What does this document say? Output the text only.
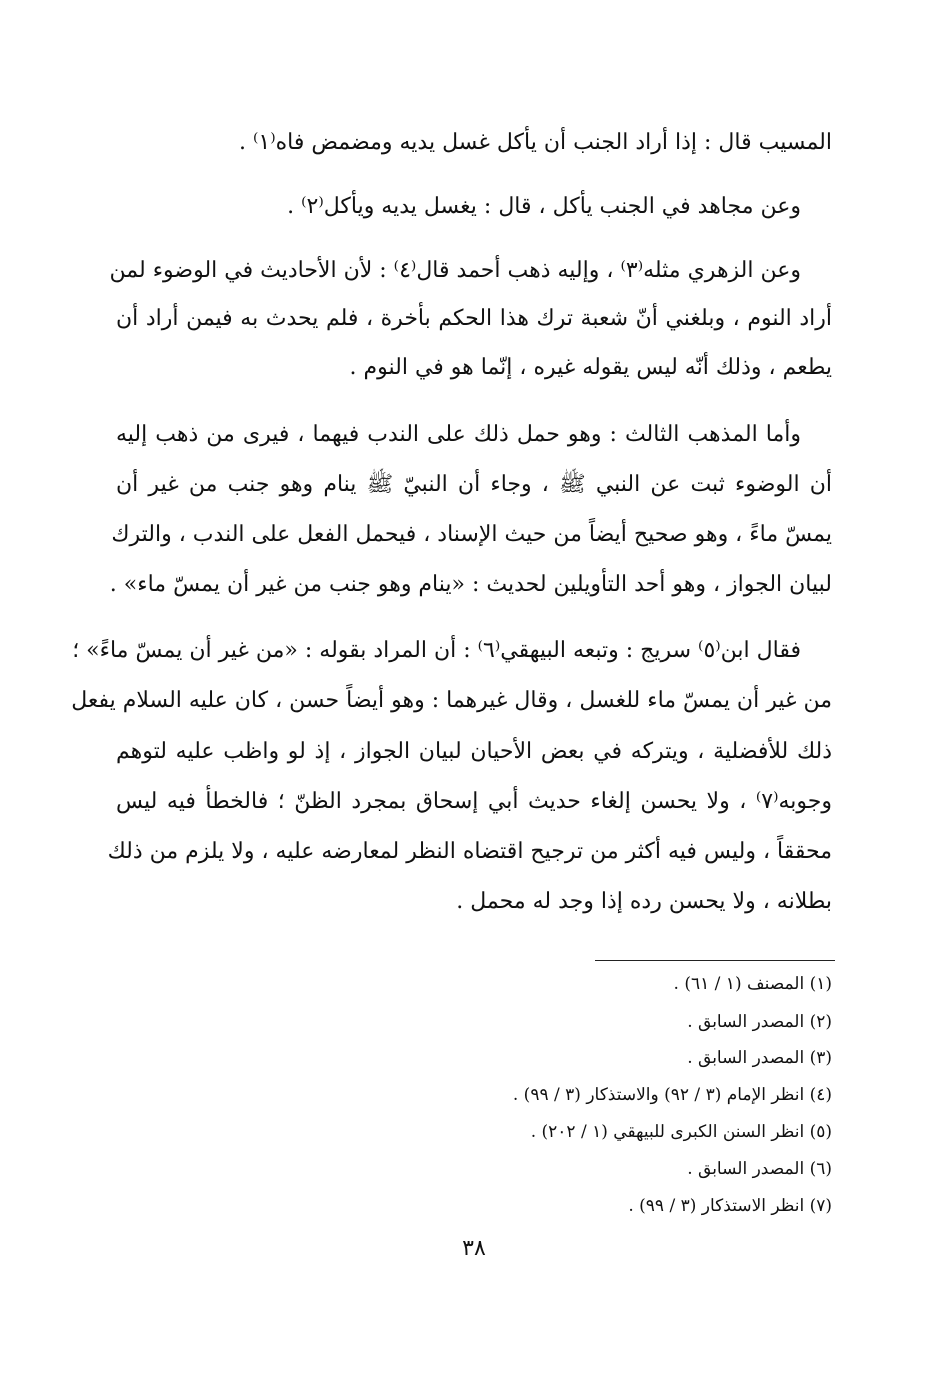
المسيب قال : إذا أراد الجنب أن يأكل غسل يديه ومضمض فاه⁽١⁾ .
وعن مجاهد في الجنب يأكل ، قال : يغسل يديه ويأكل⁽٢⁾ .
وعن الزهري مثله⁽٣⁾ ، وإليه ذهب أحمد قال⁽٤⁾ : لأن الأحاديث في الوضوء لمن
أراد النوم ، وبلغني أنّ شعبة ترك هذا الحكم بأخرة ، فلم يحدث به فيمن أراد أن
يطعم ، وذلك أنّه ليس يقوله غيره ، إنّما هو في النوم .
وأما المذهب الثالث : وهو حمل ذلك على الندب فيهما ، فيرى من ذهب إليه
أن الوضوء ثبت عن النبي ﷺ ، وجاء أن النبيّ ﷺ ينام وهو جنب من غير أن
يمسّ ماءً ، وهو صحيح أيضاً من حيث الإسناد ، فيحمل الفعل على الندب ، والترك
لبيان الجواز ، وهو أحد التأويلين لحديث : «ينام وهو جنب من غير أن يمسّ ماء» .
فقال ابن⁽٥⁾ سريج : وتبعه البيهقي⁽٦⁾ : أن المراد بقوله : «من غير أن يمسّ ماءً» ؛
من غير أن يمسّ ماء للغسل ، وقال غيرهما : وهو أيضاً حسن ، كان عليه السلام يفعل
ذلك للأفضلية ، ويتركه في بعض الأحيان لبيان الجواز ، إذ لو واظب عليه لتوهم
وجوبه⁽٧⁾ ، ولا يحسن إلغاء حديث أبي إسحاق بمجرد الظنّ ؛ فالخطأ فيه ليس
محققاً ، وليس فيه أكثر من ترجيح اقتضاه النظر لمعارضه عليه ، ولا يلزم من ذلك
بطلانه ، ولا يحسن رده إذا وجد له محمل .
(١) المصنف (١ / ٦١) .
(٢) المصدر السابق .
(٣) المصدر السابق .
(٤) انظر الإمام (٣ / ٩٢) والاستذكار (٣ / ٩٩) .
(٥) انظر السنن الكبرى للبيهقي (١ / ٢٠٢) .
(٦) المصدر السابق .
(٧) انظر الاستذكار (٣ / ٩٩) .
٣٨
